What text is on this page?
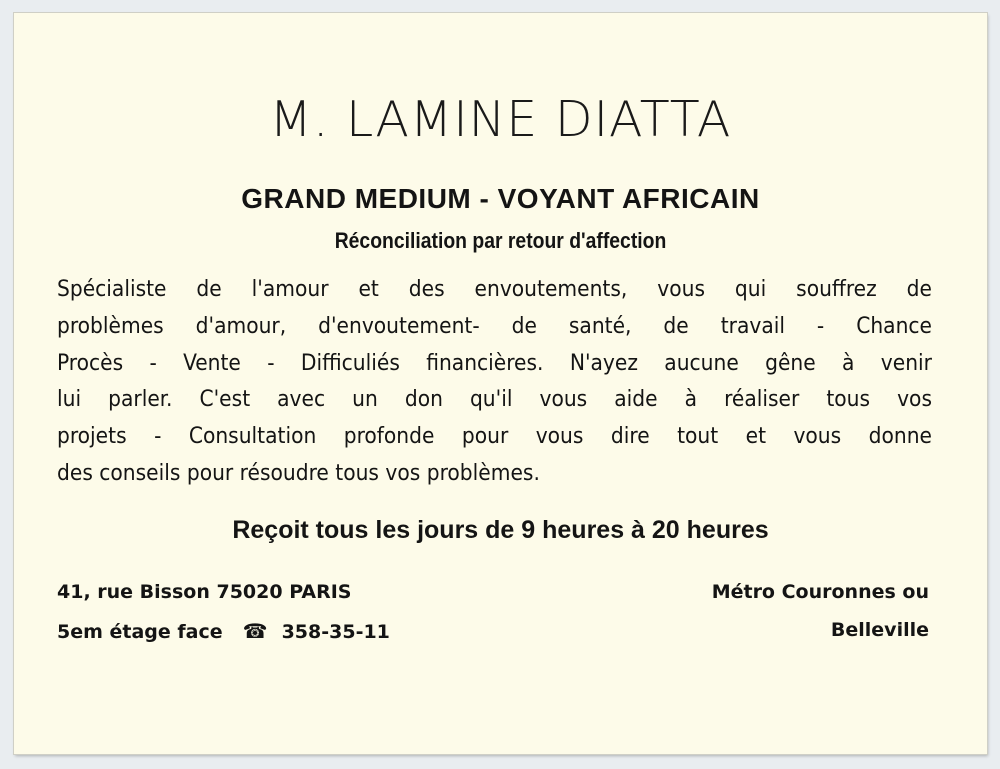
M. LAMINE DIATTA
GRAND MEDIUM - VOYANT AFRICAIN
Réconciliation par retour d'affection
Spécialiste de l'amour et des envoutements, vous qui souffrez de
problèmes d'amour, d'envoutement- de santé, de travail - Chance
Procès - Vente - Difficuliés financières. N'ayez aucune gêne à venir
lui parler. C'est avec un don qu'il vous aide à réaliser tous vos
projets - Consultation profonde pour vous dire tout et vous donne
des conseils pour résoudre tous vos problèmes.
Reçoit tous les jours de 9 heures à 20 heures
41, rue Bisson 75020 PARIS
5em étage face ☎ 358-35-11
Métro Couronnes ou
Belleville
